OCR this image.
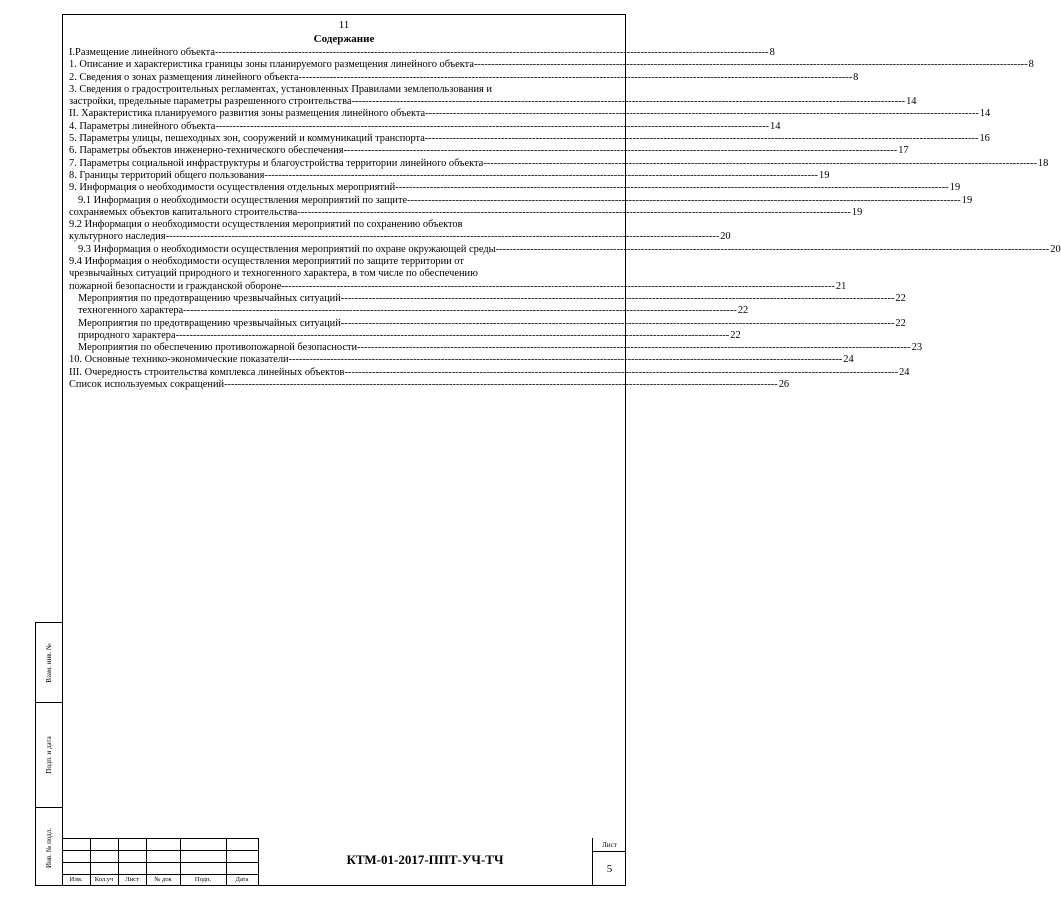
Взам. инв. №
Подп. и дата
Инв. № подл.
11
Содержание
I.Размещение линейного объекта -----	8
1. Описание и характеристика границы зоны планируемого размещения линейного объекта -----	8
2. Сведения о зонах размещения линейного объекта -----	8
3. Сведения о градостроительных регламентах, установленных Правилами землепользования и
застройки, предельные параметры разрешенного строительства -----	14
II. Характеристика планируемого развития зоны размещения линейного объекта -----	14
4. Параметры линейного объекта -----	14
5. Параметры улицы, пешеходных зон, сооружений и коммуникаций транспорта -----	16
6. Параметры объектов инженерно-технического обеспечения -----	17
7. Параметры социальной инфраструктуры и благоустройства территории линейного объекта -----	18
8. Границы территорий общего пользования -----	19
9. Информация о необходимости осуществления отдельных мероприятий -----	19
9.1 Информация о необходимости осуществления мероприятий по защите -----	19
сохраняемых объектов капитального строительства -----	19
9.2 Информация о необходимости осуществления мероприятий по сохранению объектов
культурного наследия -----	20
9.3 Информация о необходимости осуществления мероприятий по охране окружающей среды -----	20
9.4 Информация о необходимости осуществления мероприятий по защите территории от
чрезвычайных ситуаций природного и техногенного характера, в том числе по обеспечению
пожарной безопасности и гражданской обороне -----	21
Мероприятия по предотвращению чрезвычайных ситуаций -----	22
техногенного характера -----	22
Мероприятия по предотвращению чрезвычайных ситуаций -----	22
природного характера -----	22
Мероприятия по обеспечению противопожарной безопасности -----	23
10. Основные технико-экономические показатели -----	24
III. Очередность строительства комплекса линейных объектов -----	24
Список используемых сокращений -----	26
Изм.	Кол.уч	Лист	№ док	Подп.	Дата
КТМ-01-2017-ППТ-УЧ-ТЧ
Лист
5
